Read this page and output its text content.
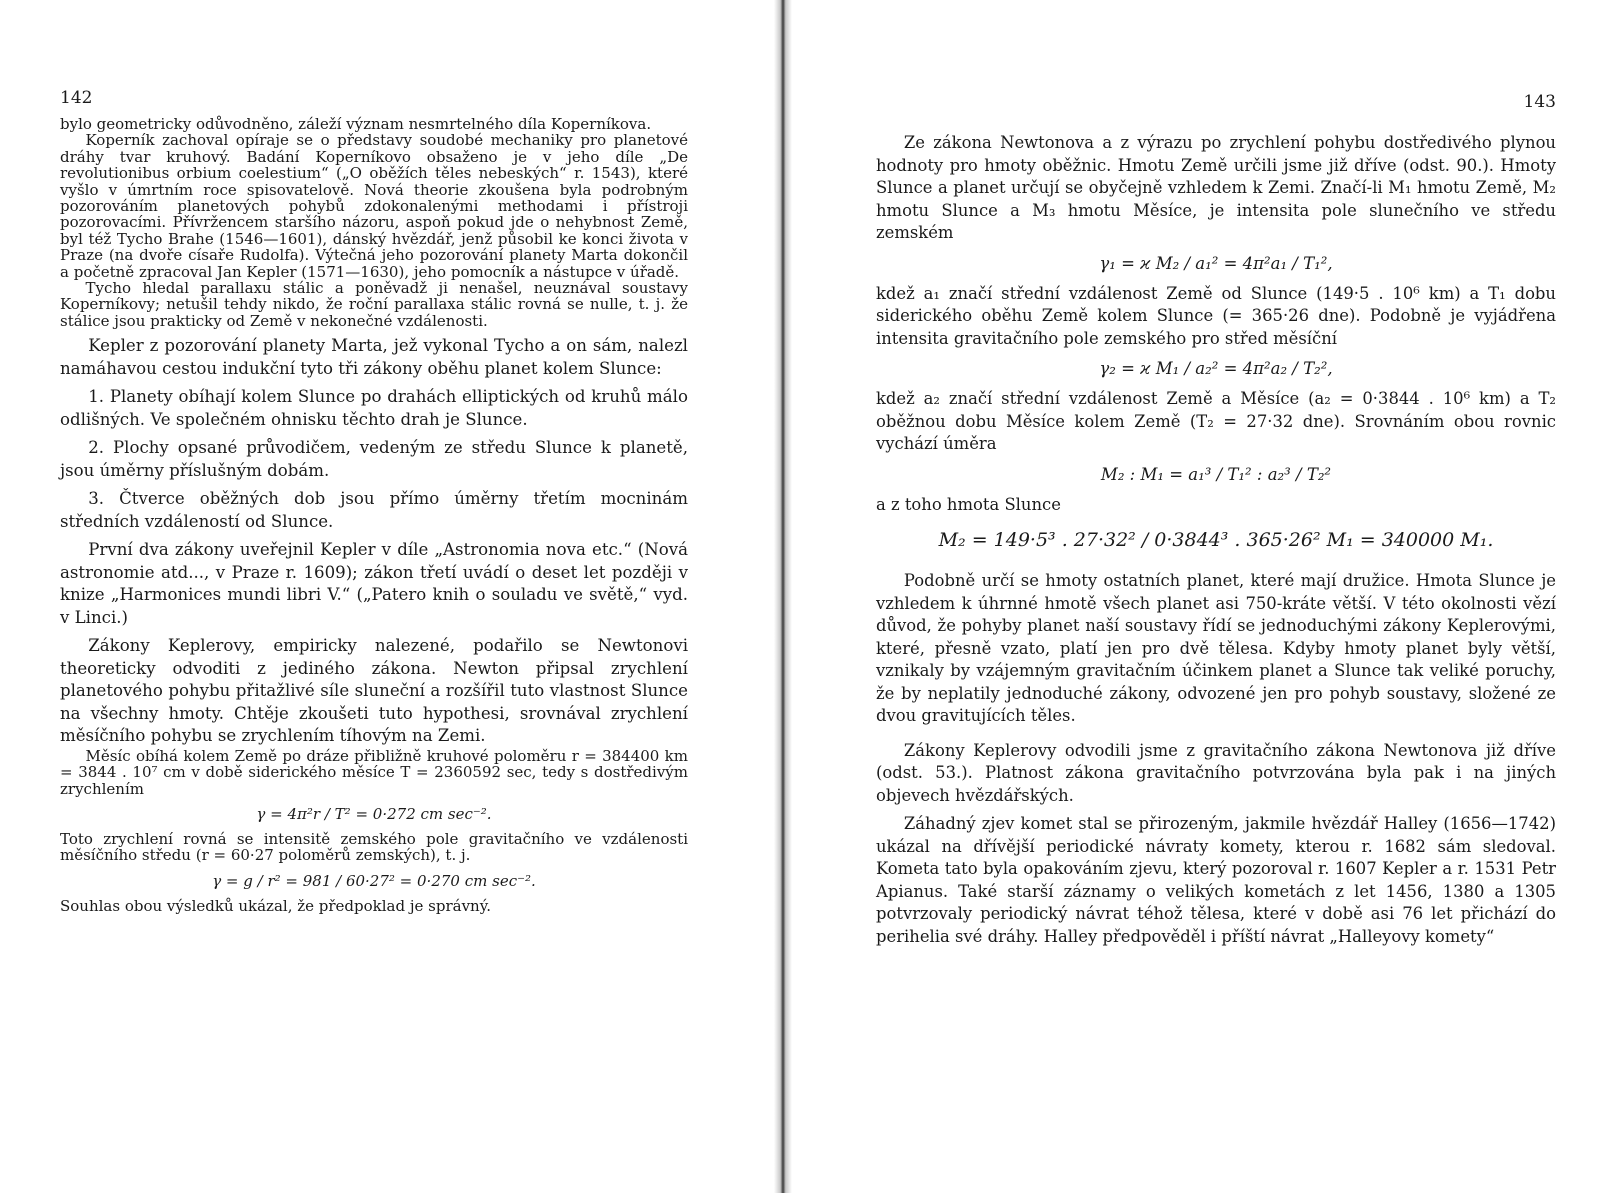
142

bylo geometricky odůvodněno, záleží význam nesmrtelného díla Koperníkova.

Koperník zachoval opíraje se o představy soudobé mechaniky pro planetové dráhy tvar kruhový. Badání Koperníkovo obsaženo je v jeho díle „De revolutionibus orbium coelestium“ („O oběžích těles nebeských“ r. 1543), které vyšlo v úmrtním roce spisovatelově. Nová theorie zkoušena byla podrobným pozorováním planetových pohybů zdokonalenými methodami i přístroji pozorovacími. Přívržencem staršího názoru, aspoň pokud jde o nehybnost Země, byl též Tycho Brahe (1546—1601), dánský hvězdář, jenž působil ke konci života v Praze (na dvoře císaře Rudolfa). Výtečná jeho pozorování planety Marta dokončil a početně zpracoval Jan Kepler (1571—1630), jeho pomocník a nástupce v úřadě.

Tycho hledal parallaxu stálic a poněvadž ji nenašel, neuznával soustavy Koperníkovy; netušil tehdy nikdo, že roční parallaxa stálic rovná se nulle, t. j. že stálice jsou prakticky od Země v nekonečné vzdálenosti.

Kepler z pozorování planety Marta, jež vykonal Tycho a on sám, nalezl namáhavou cestou indukční tyto tři zákony oběhu planet kolem Slunce:

1. Planety obíhají kolem Slunce po drahách elliptických od kruhů málo odlišných. Ve společném ohnisku těchto drah je Slunce.

2. Plochy opsané průvodičem, vedeným ze středu Slunce k planetě, jsou úměrny příslušným dobám.

3. Čtverce oběžných dob jsou přímo úměrny třetím mocninám středních vzdáleností od Slunce.

První dva zákony uveřejnil Kepler v díle „Astronomia nova etc.“ (Nová astronomie atd..., v Praze r. 1609); zákon třetí uvádí o deset let později v knize „Harmonices mundi libri V.“ („Patero knih o souladu ve světě,“ vyd. v Linci.)

Zákony Keplerovy, empiricky nalezené, podařilo se Newtonovi theoreticky odvoditi z jediného zákona. Newton připsal zrychlení planetového pohybu přitažlivé síle sluneční a rozšířil tuto vlastnost Slunce na všechny hmoty. Chtěje zkoušeti tuto hypothesi, srovnával zrychlení měsíčního pohybu se zrychlením tíhovým na Zemi.

Měsíc obíhá kolem Země po dráze přibližně kruhové poloměru r = 384400 km = 3844 . 10⁷ cm v době siderického měsíce T = 2360592 sec, tedy s dostředivým zrychlením

γ = 4π²r / T² = 0·272 cm sec⁻².

Toto zrychlení rovná se intensitě zemského pole gravitačního ve vzdálenosti měsíčního středu (r = 60·27 poloměrů zemských), t. j.

γ = g / r² = 981 / 60·27² = 0·270 cm sec⁻².

Souhlas obou výsledků ukázal, že předpoklad je správný.

143

Ze zákona Newtonova a z výrazu po zrychlení pohybu dostředivého plynou hodnoty pro hmoty oběžnic. Hmotu Země určili jsme již dříve (odst. 90.). Hmoty Slunce a planet určují se obyčejně vzhledem k Zemi. Značí-li M₁ hmotu Země, M₂ hmotu Slunce a M₃ hmotu Měsíce, je intensita pole slunečního ve středu zemském

γ₁ = ϰ M₂ / a₁² = 4π²a₁ / T₁²,

kdež a₁ značí střední vzdálenost Země od Slunce (149·5 . 10⁶ km) a T₁ dobu siderického oběhu Země kolem Slunce (= 365·26 dne). Podobně je vyjádřena intensita gravitačního pole zemského pro střed měsíční

γ₂ = ϰ M₁ / a₂² = 4π²a₂ / T₂²,

kdež a₂ značí střední vzdálenost Země a Měsíce (a₂ = 0·3844 . 10⁶ km) a T₂ oběžnou dobu Měsíce kolem Země (T₂ = 27·32 dne). Srovnáním obou rovnic vychází úměra

M₂ : M₁ = a₁³ / T₁² : a₂³ / T₂²

a z toho hmota Slunce

M₂ = 149·5³ . 27·32² / 0·3844³ . 365·26² M₁ = 340000 M₁.

Podobně určí se hmoty ostatních planet, které mají družice. Hmota Slunce je vzhledem k úhrnné hmotě všech planet asi 750-kráte větší. V této okolnosti vězí důvod, že pohyby planet naší soustavy řídí se jednoduchými zákony Keplerovými, které, přesně vzato, platí jen pro dvě tělesa. Kdyby hmoty planet byly větší, vznikaly by vzájemným gravitačním účinkem planet a Slunce tak veliké poruchy, že by neplatily jednoduché zákony, odvozené jen pro pohyb soustavy, složené ze dvou gravitujících těles.

Zákony Keplerovy odvodili jsme z gravitačního zákona Newtonova již dříve (odst. 53.). Platnost zákona gravitačního potvrzována byla pak i na jiných objevech hvězdářských.

Záhadný zjev komet stal se přirozeným, jakmile hvězdář Halley (1656—1742) ukázal na dřívější periodické návraty komety, kterou r. 1682 sám sledoval. Kometa tato byla opakováním zjevu, který pozoroval r. 1607 Kepler a r. 1531 Petr Apianus. Také starší záznamy o velikých kometách z let 1456, 1380 a 1305 potvrzovaly periodický návrat téhož tělesa, které v době asi 76 let přichází do perihelia své dráhy. Halley předpověděl i příští návrat „Halleyovy komety“
